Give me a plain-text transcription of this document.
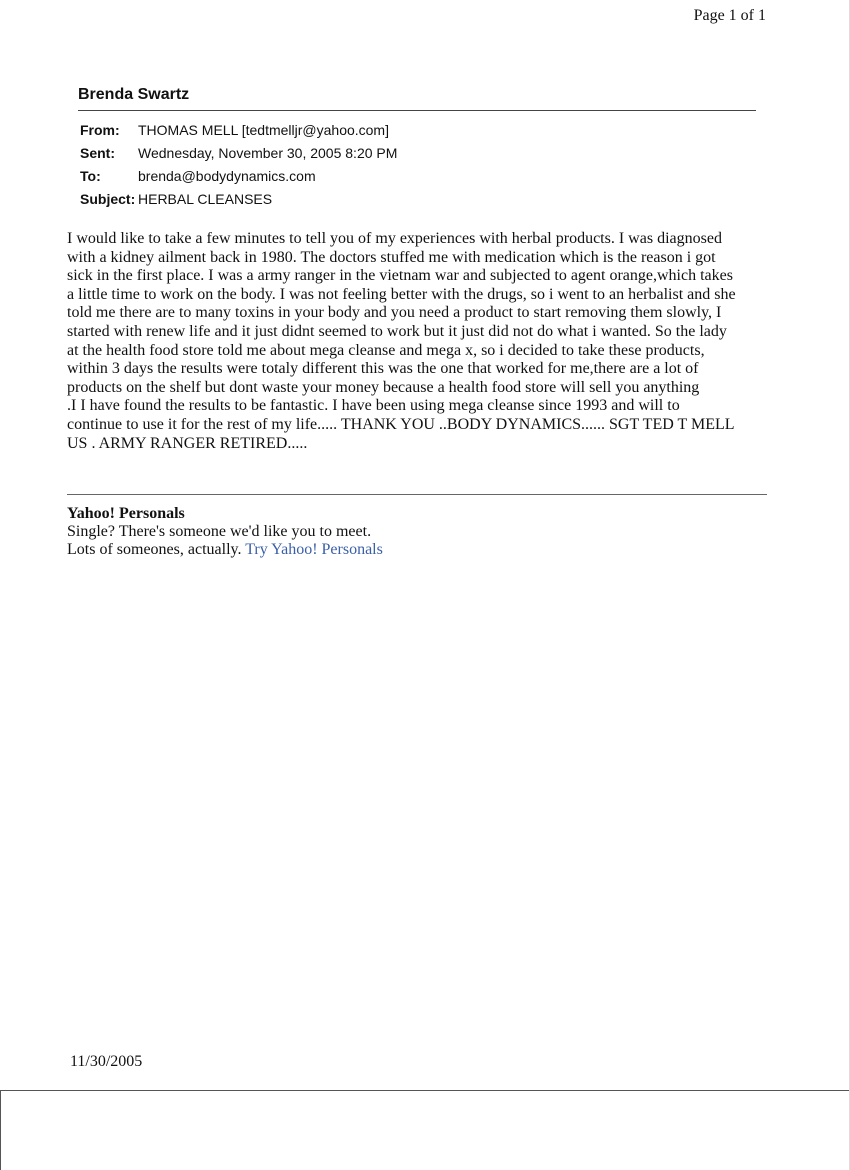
Page 1 of 1
Brenda Swartz
From:	THOMAS MELL [tedtmelljr@yahoo.com]
Sent:	Wednesday, November 30, 2005 8:20 PM
To:	brenda@bodydynamics.com
Subject:	HERBAL CLEANSES
I would like to take a few minutes to tell you of my experiences with herbal products. I was diagnosed
with a kidney ailment back in 1980. The doctors stuffed me with medication which is the reason i got
sick in the first place. I was a army ranger in the vietnam war and subjected to agent orange,which takes
a little time to work on the body. I was not feeling better with the drugs, so i went to an herbalist and she
told me there are to many toxins in your body and you need a product to start removing them slowly, I
started with renew life and it just didnt seemed to work but it just did not do what i wanted. So the lady
at the health food store told me about mega cleanse and mega x, so i decided to take these products,
within 3 days the results were totaly different this was the one that worked for me,there are a lot of
products on the shelf but dont waste your money because a health food store will sell you anything
.I I have found the results to be fantastic. I have been using mega cleanse since 1993 and will to
continue to use it for the rest of my life..... THANK YOU ..BODY DYNAMICS...... SGT TED T MELL
US . ARMY RANGER RETIRED.....
Yahoo! Personals
Single? There's someone we'd like you to meet.
Lots of someones, actually. Try Yahoo! Personals
11/30/2005
